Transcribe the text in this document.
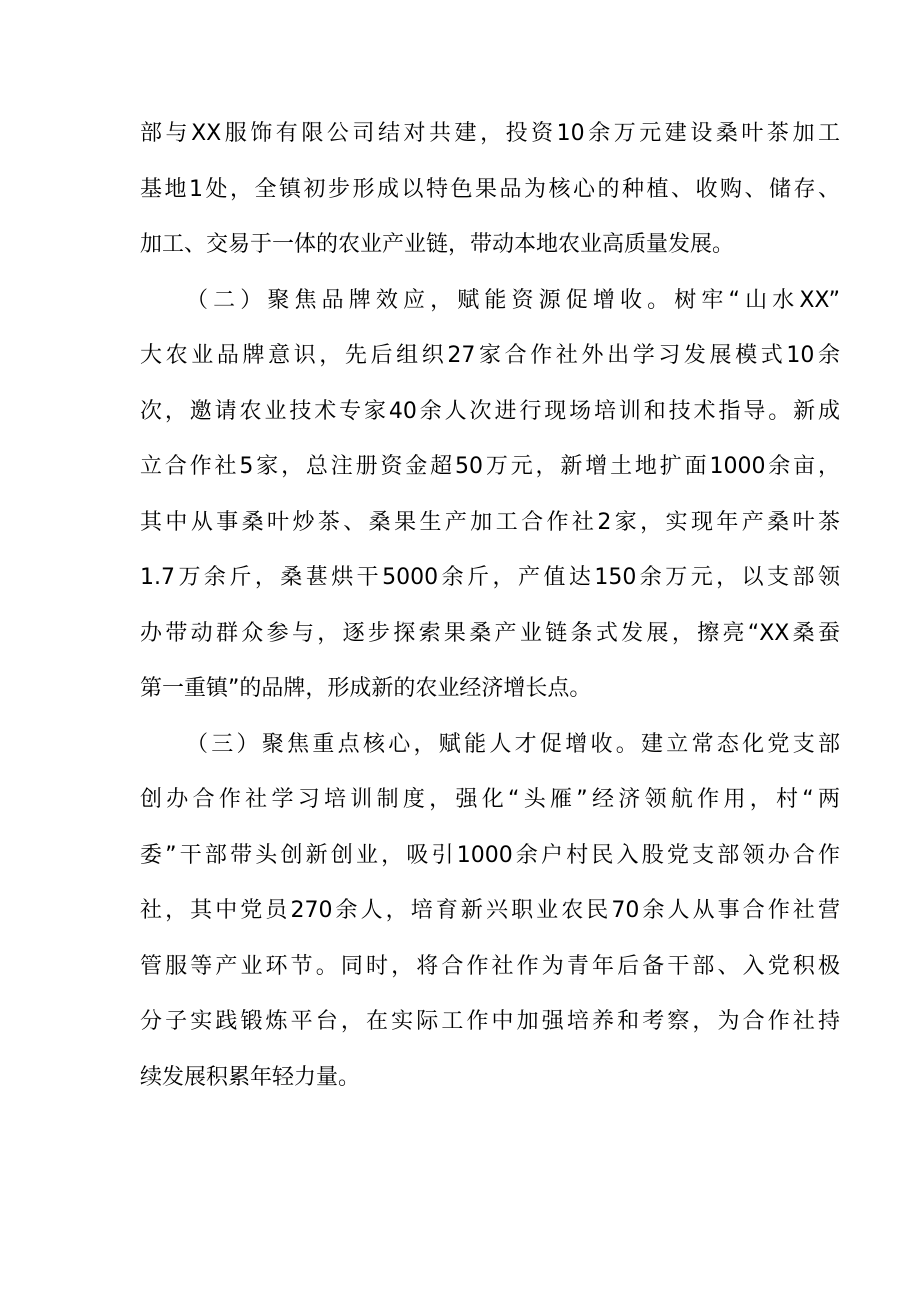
部与XX服饰有限公司结对共建，投资10余万元建设桑叶茶加工
基地1处，全镇初步形成以特色果品为核心的种植、收购、储存、
加工、交易于一体的农业产业链，带动本地农业高质量发展。
（二）聚焦品牌效应，赋能资源促增收。树牢“山水XX”
大农业品牌意识，先后组织27家合作社外出学习发展模式10余
次，邀请农业技术专家40余人次进行现场培训和技术指导。新成
立合作社5家，总注册资金超50万元，新增土地扩面1000余亩，
其中从事桑叶炒茶、桑果生产加工合作社2家，实现年产桑叶茶
1.7万余斤，桑葚烘干5000余斤，产值达150余万元，以支部领
办带动群众参与，逐步探索果桑产业链条式发展，擦亮“XX桑蚕
第一重镇”的品牌，形成新的农业经济增长点。
（三）聚焦重点核心，赋能人才促增收。建立常态化党支部
创办合作社学习培训制度，强化“头雁”经济领航作用，村“两
委”干部带头创新创业，吸引1000余户村民入股党支部领办合作
社，其中党员270余人，培育新兴职业农民70余人从事合作社营
管服等产业环节。同时，将合作社作为青年后备干部、入党积极
分子实践锻炼平台，在实际工作中加强培养和考察，为合作社持
续发展积累年轻力量。
